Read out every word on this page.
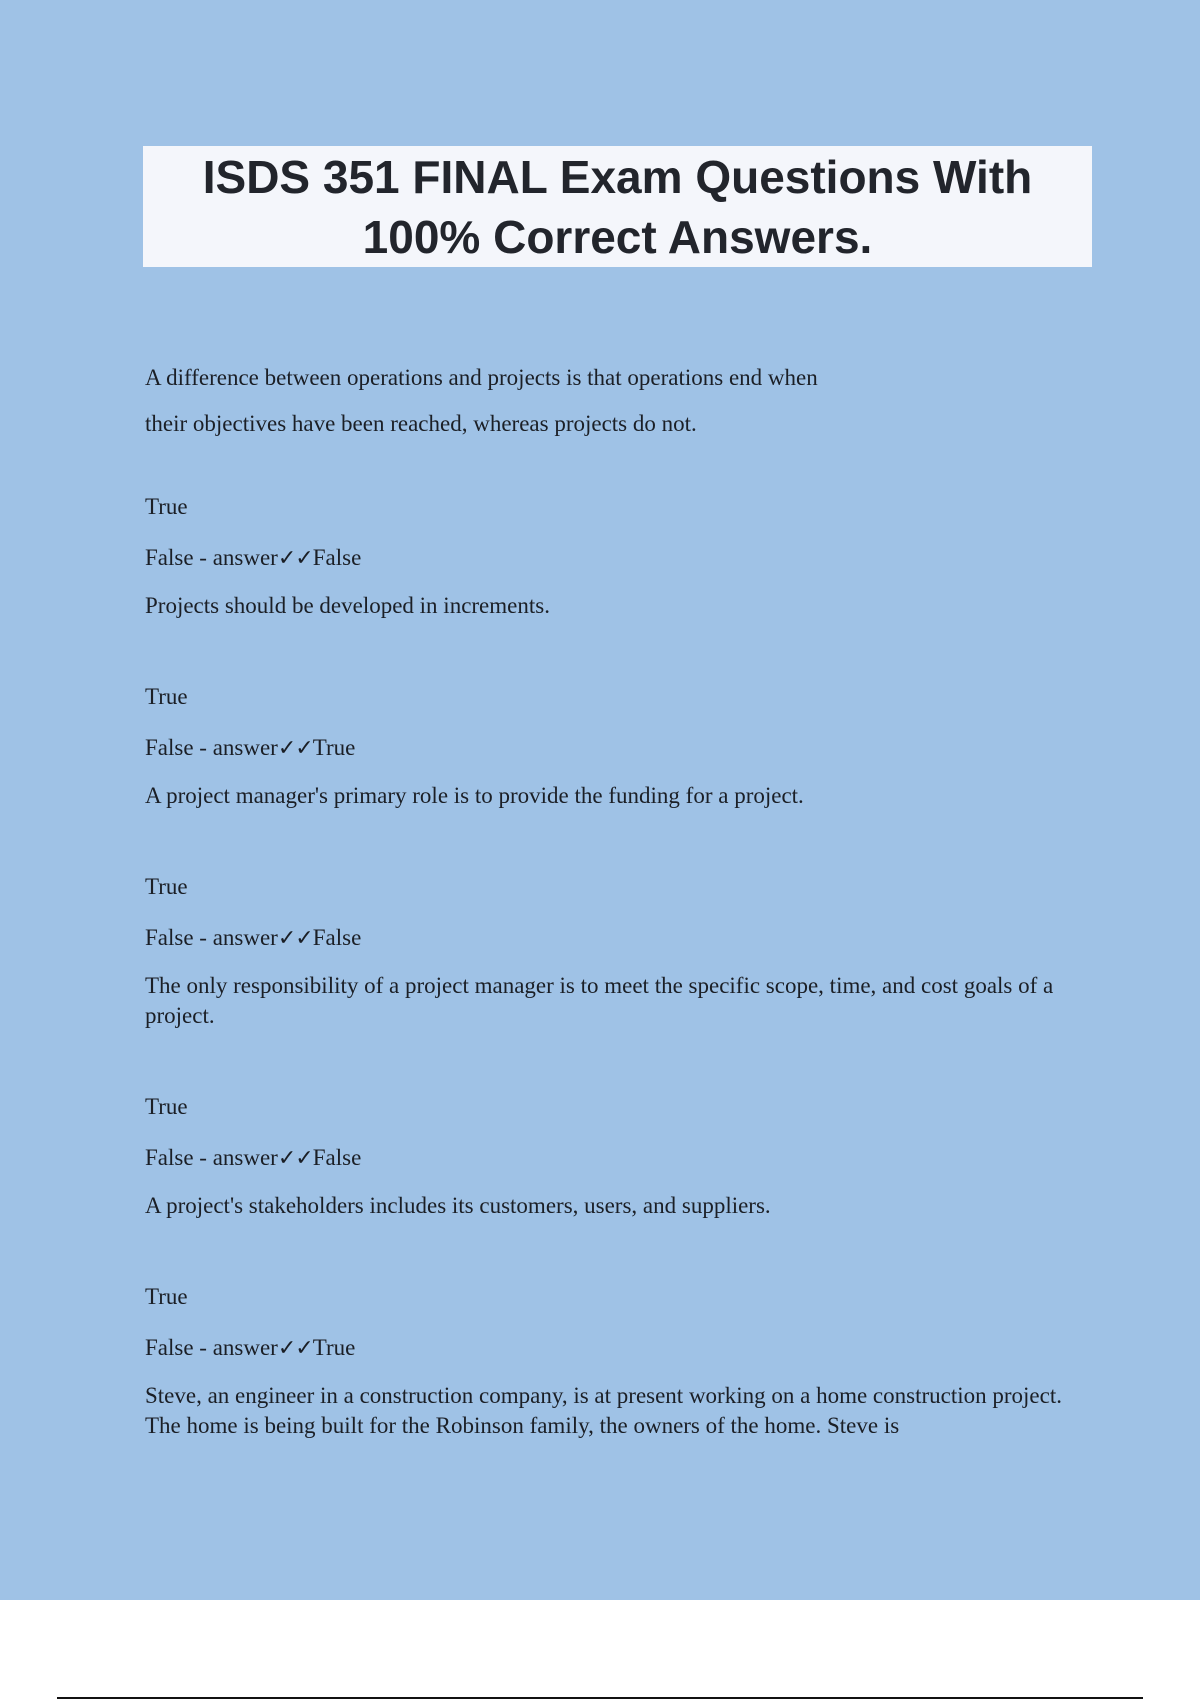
ISDS 351 FINAL Exam Questions With 100% Correct Answers.
A difference between operations and projects is that operations end when
their objectives have been reached, whereas projects do not.
True
False - answer✓✓False
Projects should be developed in increments.
True
False - answer✓✓True
A project manager's primary role is to provide the funding for a project.
True
False - answer✓✓False
The only responsibility of a project manager is to meet the specific scope, time, and cost goals of a project.
True
False - answer✓✓False
A project's stakeholders includes its customers, users, and suppliers.
True
False - answer✓✓True
Steve, an engineer in a construction company, is at present working on a home construction project. The home is being built for the Robinson family, the owners of the home. Steve is
